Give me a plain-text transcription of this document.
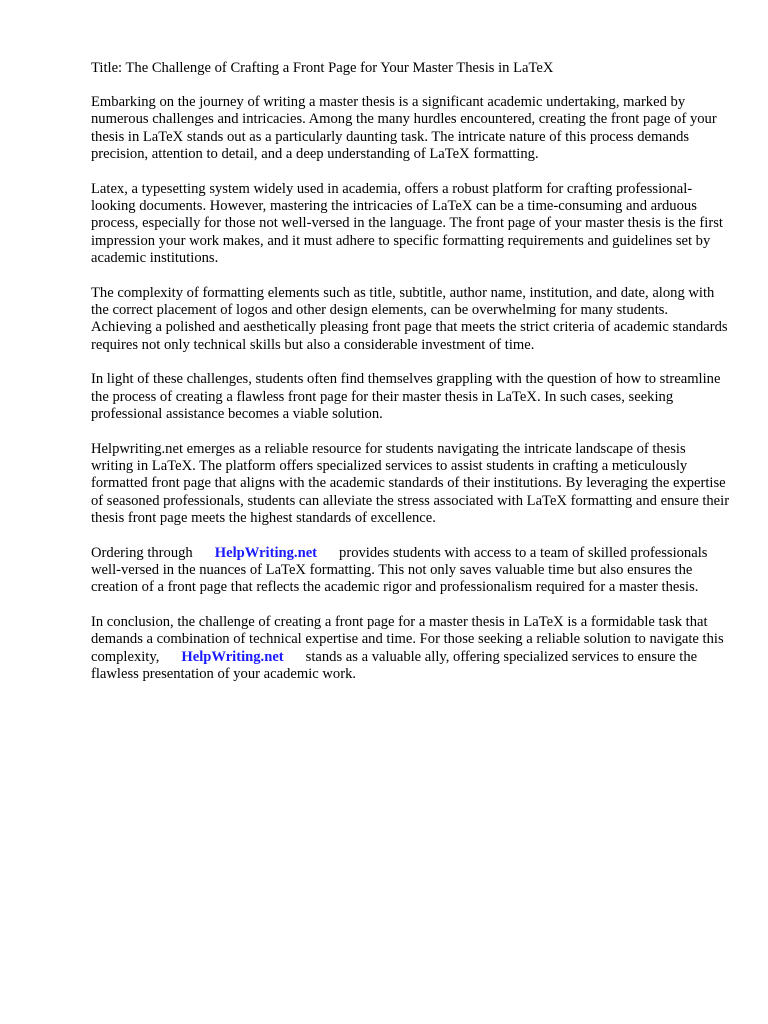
Title: The Challenge of Crafting a Front Page for Your Master Thesis in LaTeX

Embarking on the journey of writing a master thesis is a significant academic undertaking, marked by numerous challenges and intricacies. Among the many hurdles encountered, creating the front page of your thesis in LaTeX stands out as a particularly daunting task. The intricate nature of this process demands precision, attention to detail, and a deep understanding of LaTeX formatting.

Latex, a typesetting system widely used in academia, offers a robust platform for crafting professional-looking documents. However, mastering the intricacies of LaTeX can be a time-consuming and arduous process, especially for those not well-versed in the language. The front page of your master thesis is the first impression your work makes, and it must adhere to specific formatting requirements and guidelines set by academic institutions.

The complexity of formatting elements such as title, subtitle, author name, institution, and date, along with the correct placement of logos and other design elements, can be overwhelming for many students. Achieving a polished and aesthetically pleasing front page that meets the strict criteria of academic standards requires not only technical skills but also a considerable investment of time.

In light of these challenges, students often find themselves grappling with the question of how to streamline the process of creating a flawless front page for their master thesis in LaTeX. In such cases, seeking professional assistance becomes a viable solution.

Helpwriting.net emerges as a reliable resource for students navigating the intricate landscape of thesis writing in LaTeX. The platform offers specialized services to assist students in crafting a meticulously formatted front page that aligns with the academic standards of their institutions. By leveraging the expertise of seasoned professionals, students can alleviate the stress associated with LaTeX formatting and ensure their thesis front page meets the highest standards of excellence.

Ordering through HelpWriting.net provides students with access to a team of skilled professionals well-versed in the nuances of LaTeX formatting. This not only saves valuable time but also ensures the creation of a front page that reflects the academic rigor and professionalism required for a master thesis.

In conclusion, the challenge of creating a front page for a master thesis in LaTeX is a formidable task that demands a combination of technical expertise and time. For those seeking a reliable solution to navigate this complexity, HelpWriting.net stands as a valuable ally, offering specialized services to ensure the flawless presentation of your academic work.
